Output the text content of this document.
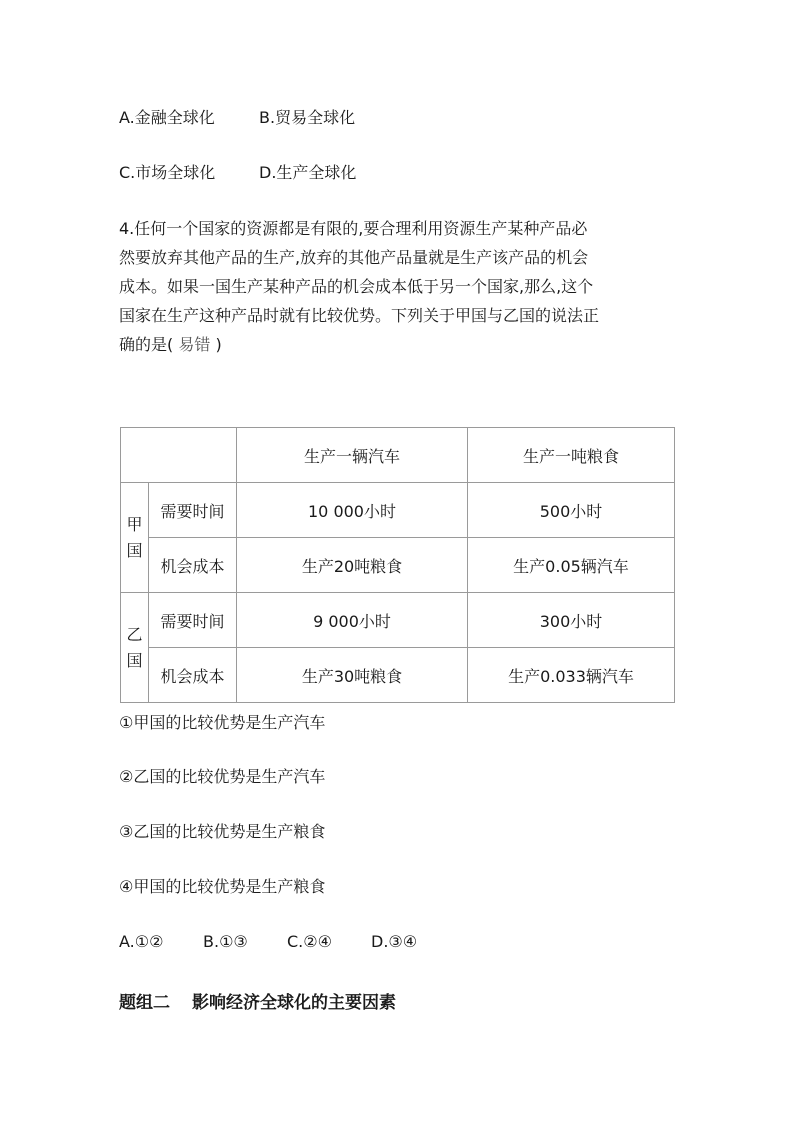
A.金融全球化	B.贸易全球化
C.市场全球化	D.生产全球化
4.任何一个国家的资源都是有限的,要合理利用资源生产某种产品必
然要放弃其他产品的生产,放弃的其他产品量就是生产该产品的机会
成本。如果一国生产某种产品的机会成本低于另一个国家,那么,这个
国家在生产这种产品时就有比较优势。下列关于甲国与乙国的说法正
确的是( 易错 )
		生产一辆汽车	生产一吨粮食

甲
国	需要时间	10 000小时	500小时
	机会成本	生产20吨粮食	生产0.05辆汽车

乙
国	需要时间	9 000小时	300小时
	机会成本	生产30吨粮食	生产0.033辆汽车
①甲国的比较优势是生产汽车
②乙国的比较优势是生产汽车
③乙国的比较优势是生产粮食
④甲国的比较优势是生产粮食
A.①② B.①③ C.②④ D.③④
题组二 影响经济全球化的主要因素
